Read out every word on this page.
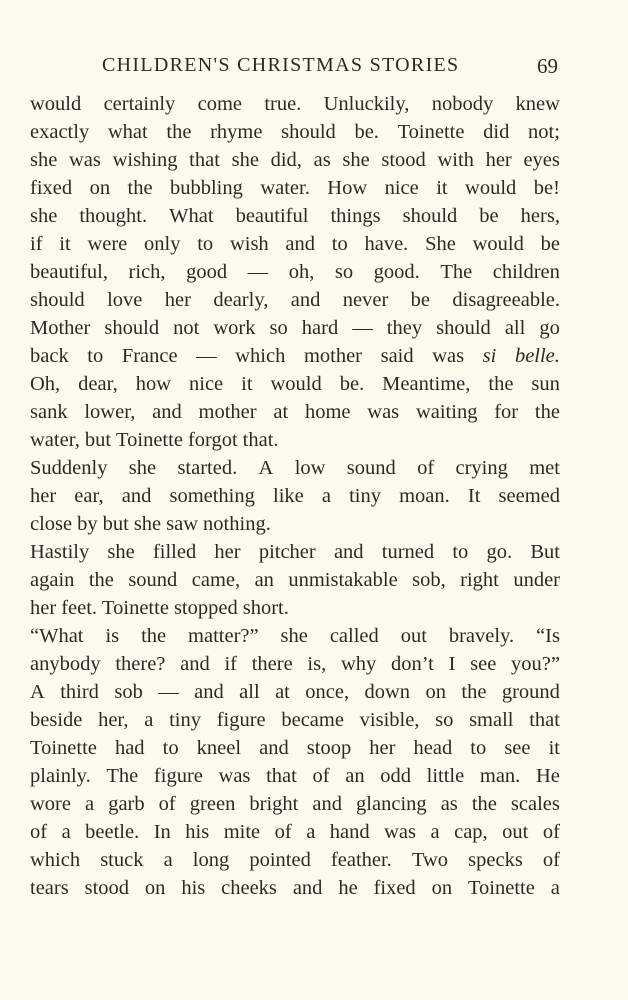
CHILDREN'S CHRISTMAS STORIES	69
would certainly come true. Unluckily, nobody knew
exactly what the rhyme should be. Toinette did not;
she was wishing that she did, as she stood with her eyes
fixed on the bubbling water. How nice it would be!
she thought. What beautiful things should be hers,
if it were only to wish and to have. She would be
beautiful, rich, good — oh, so good. The children
should love her dearly, and never be disagreeable.
Mother should not work so hard — they should all go
back to France — which mother said was si belle.
Oh, dear, how nice it would be. Meantime, the sun
sank lower, and mother at home was waiting for the
water, but Toinette forgot that.
Suddenly she started. A low sound of crying met
her ear, and something like a tiny moan. It seemed
close by but she saw nothing.
Hastily she filled her pitcher and turned to go. But
again the sound came, an unmistakable sob, right under
her feet. Toinette stopped short.
“What is the matter?” she called out bravely. “Is
anybody there? and if there is, why don’t I see you?”
A third sob — and all at once, down on the ground
beside her, a tiny figure became visible, so small that
Toinette had to kneel and stoop her head to see it
plainly. The figure was that of an odd little man. He
wore a garb of green bright and glancing as the scales
of a beetle. In his mite of a hand was a cap, out of
which stuck a long pointed feather. Two specks of
tears stood on his cheeks and he fixed on Toinette a
